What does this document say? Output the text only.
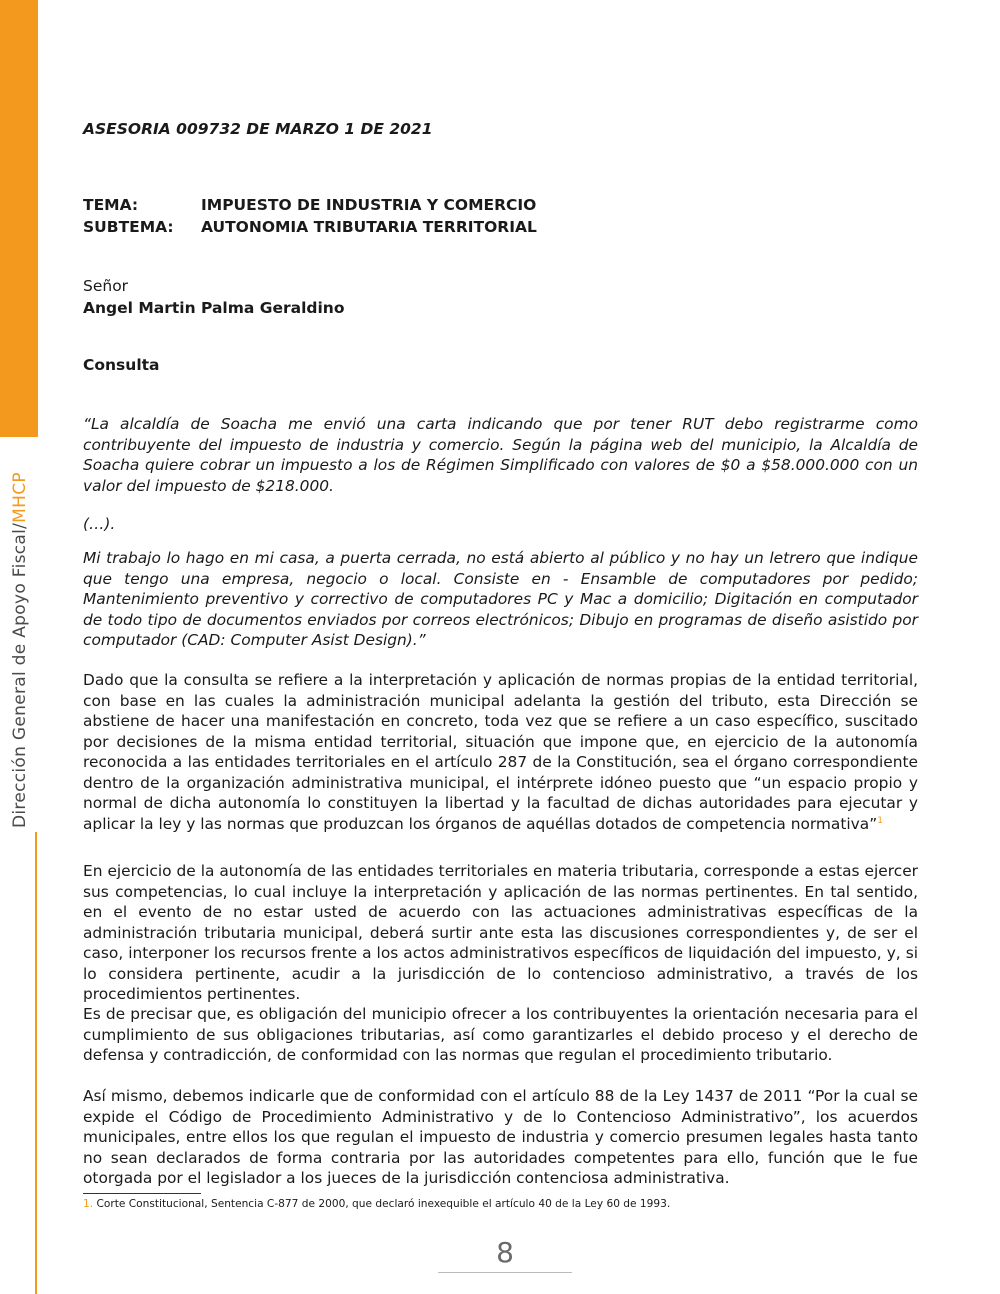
Dirección General de Apoyo Fiscal/MHCP
ASESORIA 009732 DE MARZO 1 DE 2021
TEMA:	IMPUESTO DE INDUSTRIA Y COMERCIO
SUBTEMA:	AUTONOMIA TRIBUTARIA TERRITORIAL
Señor
Angel Martin Palma Geraldino
Consulta

“La alcaldía de Soacha me envió una carta indicando que por tener RUT debo registrarme como contribuyente del impuesto de industria y comercio. Según la página web del municipio, la Alcaldía de Soacha quiere cobrar un impuesto a los de Régimen Simplificado con valores de $0 a $58.000.000 con un valor del impuesto de $218.000.

(…).

Mi trabajo lo hago en mi casa, a puerta cerrada, no está abierto al público y no hay un letrero que indique que tengo una empresa, negocio o local. Consiste en - Ensamble de computadores por pedido; Mantenimiento preventivo y correctivo de computadores PC y Mac a domicilio; Digitación en computador de todo tipo de documentos enviados por correos electrónicos; Dibujo en programas de diseño asistido por computador (CAD: Computer Asist Design).”

Dado que la consulta se refiere a la interpretación y aplicación de normas propias de la entidad territorial, con base en las cuales la administración municipal adelanta la gestión del tributo, esta Dirección se abstiene de hacer una manifestación en concreto, toda vez que se refiere a un caso específico, suscitado por decisiones de la misma entidad territorial, situación que impone que, en ejercicio de la autonomía reconocida a las entidades territoriales en el artículo 287 de la Constitución, sea el órgano correspondiente dentro de la organización administrativa municipal, el intérprete idóneo puesto que “un espacio propio y normal de dicha autonomía lo constituyen la libertad y la facultad de dichas autoridades para ejecutar y aplicar la ley y las normas que produzcan los órganos de aquéllas dotados de competencia normativa”$^1$

En ejercicio de la autonomía de las entidades territoriales en materia tributaria, corresponde a estas ejercer sus competencias, lo cual incluye la interpretación y aplicación de las normas pertinentes. En tal sentido, en el evento de no estar usted de acuerdo con las actuaciones administrativas específicas de la administración tributaria municipal, deberá surtir ante esta las discusiones correspondientes y, de ser el caso, interponer los recursos frente a los actos administrativos específicos de liquidación del impuesto, y, si lo considera pertinente, acudir a la jurisdicción de lo contencioso administrativo, a través de los procedimientos pertinentes.

Es de precisar que, es obligación del municipio ofrecer a los contribuyentes la orientación necesaria para el cumplimiento de sus obligaciones tributarias, así como garantizarles el debido proceso y el derecho de defensa y contradicción, de conformidad con las normas que regulan el procedimiento tributario.

Así mismo, debemos indicarle que de conformidad con el artículo 88 de la Ley 1437 de 2011 “Por la cual se expide el Código de Procedimiento Administrativo y de lo Contencioso Administrativo”, los acuerdos municipales, entre ellos los que regulan el impuesto de industria y comercio presumen legales hasta tanto no sean declarados de forma contraria por las autoridades competentes para ello, función que le fue otorgada por el legislador a los jueces de la jurisdicción contenciosa administrativa.

1. Corte Constitucional, Sentencia C-877 de 2000, que declaró inexequible el artículo 40 de la Ley 60 de 1993.
8
